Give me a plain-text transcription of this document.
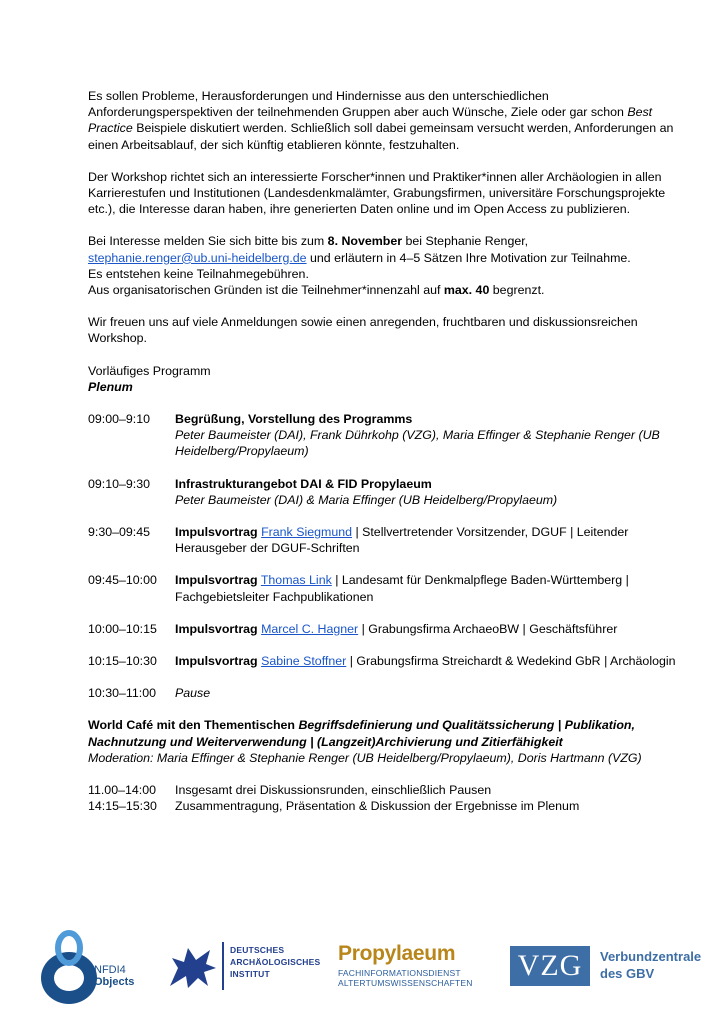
Es sollen Probleme, Herausforderungen und Hindernisse aus den unterschiedlichen Anforderungsperspektiven der teilnehmenden Gruppen aber auch Wünsche, Ziele oder gar schon Best Practice Beispiele diskutiert werden. Schließlich soll dabei gemeinsam versucht werden, Anforderungen an einen Arbeitsablauf, der sich künftig etablieren könnte, festzuhalten.

Der Workshop richtet sich an interessierte Forscher*innen und Praktiker*innen aller Archäologien in allen Karrierestufen und Institutionen (Landesdenkmalämter, Grabungsfirmen, universitäre Forschungsprojekte etc.), die Interesse daran haben, ihre generierten Daten online und im Open Access zu publizieren.

Bei Interesse melden Sie sich bitte bis zum 8. November bei Stephanie Renger,
stephanie.renger@ub.uni-heidelberg.de und erläutern in 4–5 Sätzen Ihre Motivation zur Teilnahme.

Es entstehen keine Teilnahmegebühren.

Aus organisatorischen Gründen ist die Teilnehmer*innenzahl auf max. 40 begrenzt.

Wir freuen uns auf viele Anmeldungen sowie einen anregenden, fruchtbaren und diskussionsreichen Workshop.

Vorläufiges Programm

Plenum

09:00–9:10	Begrüßung, Vorstellung des Programms
Peter Baumeister (DAI), Frank Dührkohp (VZG), Maria Effinger & Stephanie Renger (UB Heidelberg/Propylaeum)
09:10–9:30	Infrastrukturangebot DAI & FID Propylaeum
Peter Baumeister (DAI) & Maria Effinger (UB Heidelberg/Propylaeum)
9:30–09:45	Impulsvortrag Frank Siegmund | Stellvertretender Vorsitzender, DGUF | Leitender Herausgeber der DGUF-Schriften
09:45–10:00	Impulsvortrag Thomas Link | Landesamt für Denkmalpflege Baden-Württemberg | Fachgebietsleiter Fachpublikationen
10:00–10:15	Impulsvortrag Marcel C. Hagner | Grabungsfirma ArchaeoBW | Geschäftsführer
10:15–10:30	Impulsvortrag Sabine Stoffner | Grabungsfirma Streichardt & Wedekind GbR | Archäologin
10:30–11:00	Pause

World Café mit den Thementischen Begriffsdefinierung und Qualitätssicherung | Publikation, Nachnutzung und Weiterverwendung | (Langzeit)Archivierung und Zitierfähigkeit

Moderation: Maria Effinger & Stephanie Renger (UB Heidelberg/Propylaeum), Doris Hartmann (VZG)

11.00–14:00	Insgesamt drei Diskussionsrunden, einschließlich Pausen
14:15–15:30	Zusammentragung, Präsentation & Diskussion der Ergebnisse im Plenum
NFDI4
Objects
DEUTSCHES
ARCHÄOLOGISCHES
INSTITUT
Propylaeum
FACHINFORMATIONSDIENST
ALTERTUMSWISSENSCHAFTEN
VZG	Verbundzentrale
des GBV
